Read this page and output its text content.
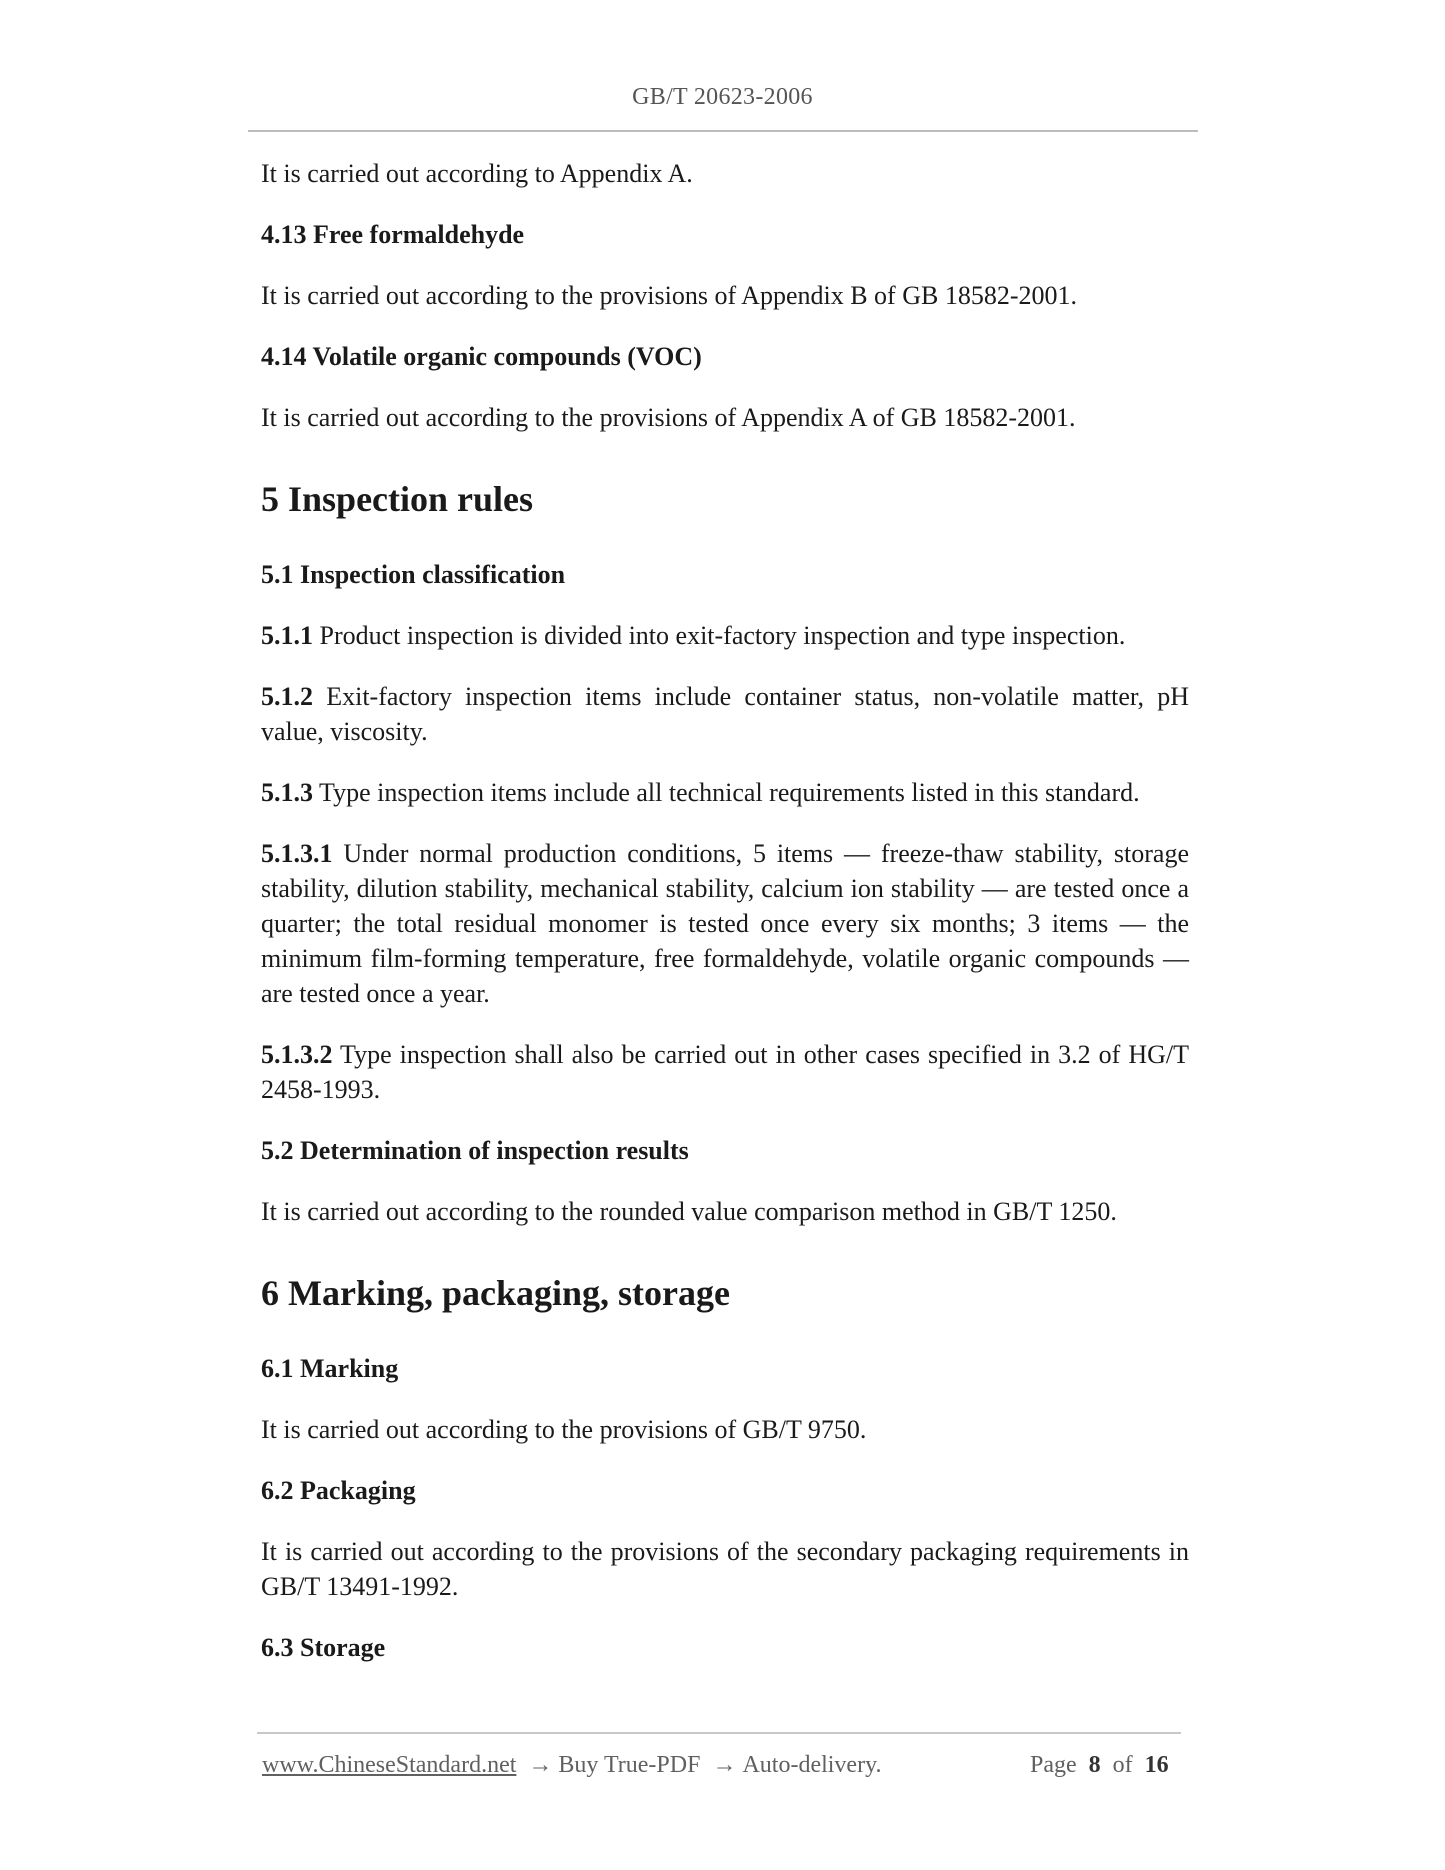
GB/T 20623-2006

It is carried out according to Appendix A.

4.13 Free formaldehyde

It is carried out according to the provisions of Appendix B of GB 18582-2001.

4.14 Volatile organic compounds (VOC)

It is carried out according to the provisions of Appendix A of GB 18582-2001.

5 Inspection rules
5.1 Inspection classification

5.1.1 Product inspection is divided into exit-factory inspection and type inspection.

5.1.2 Exit-factory inspection items include container status, non-volatile matter, pH value, viscosity.

5.1.3 Type inspection items include all technical requirements listed in this standard.

5.1.3.1 Under normal production conditions, 5 items — freeze-thaw stability, storage stability, dilution stability, mechanical stability, calcium ion stability — are tested once a quarter; the total residual monomer is tested once every six months; 3 items — the minimum film-forming temperature, free formaldehyde, volatile organic compounds — are tested once a year.

5.1.3.2 Type inspection shall also be carried out in other cases specified in 3.2 of HG/T 2458-1993.

5.2 Determination of inspection results

It is carried out according to the rounded value comparison method in GB/T 1250.

6 Marking, packaging, storage
6.1 Marking

It is carried out according to the provisions of GB/T 9750.

6.2 Packaging

It is carried out according to the provisions of the secondary packaging requirements in GB/T 13491-1992.

6.3 Storage
www.ChineseStandard.net → Buy True-PDF → Auto-delivery.	Page 8 of 16
